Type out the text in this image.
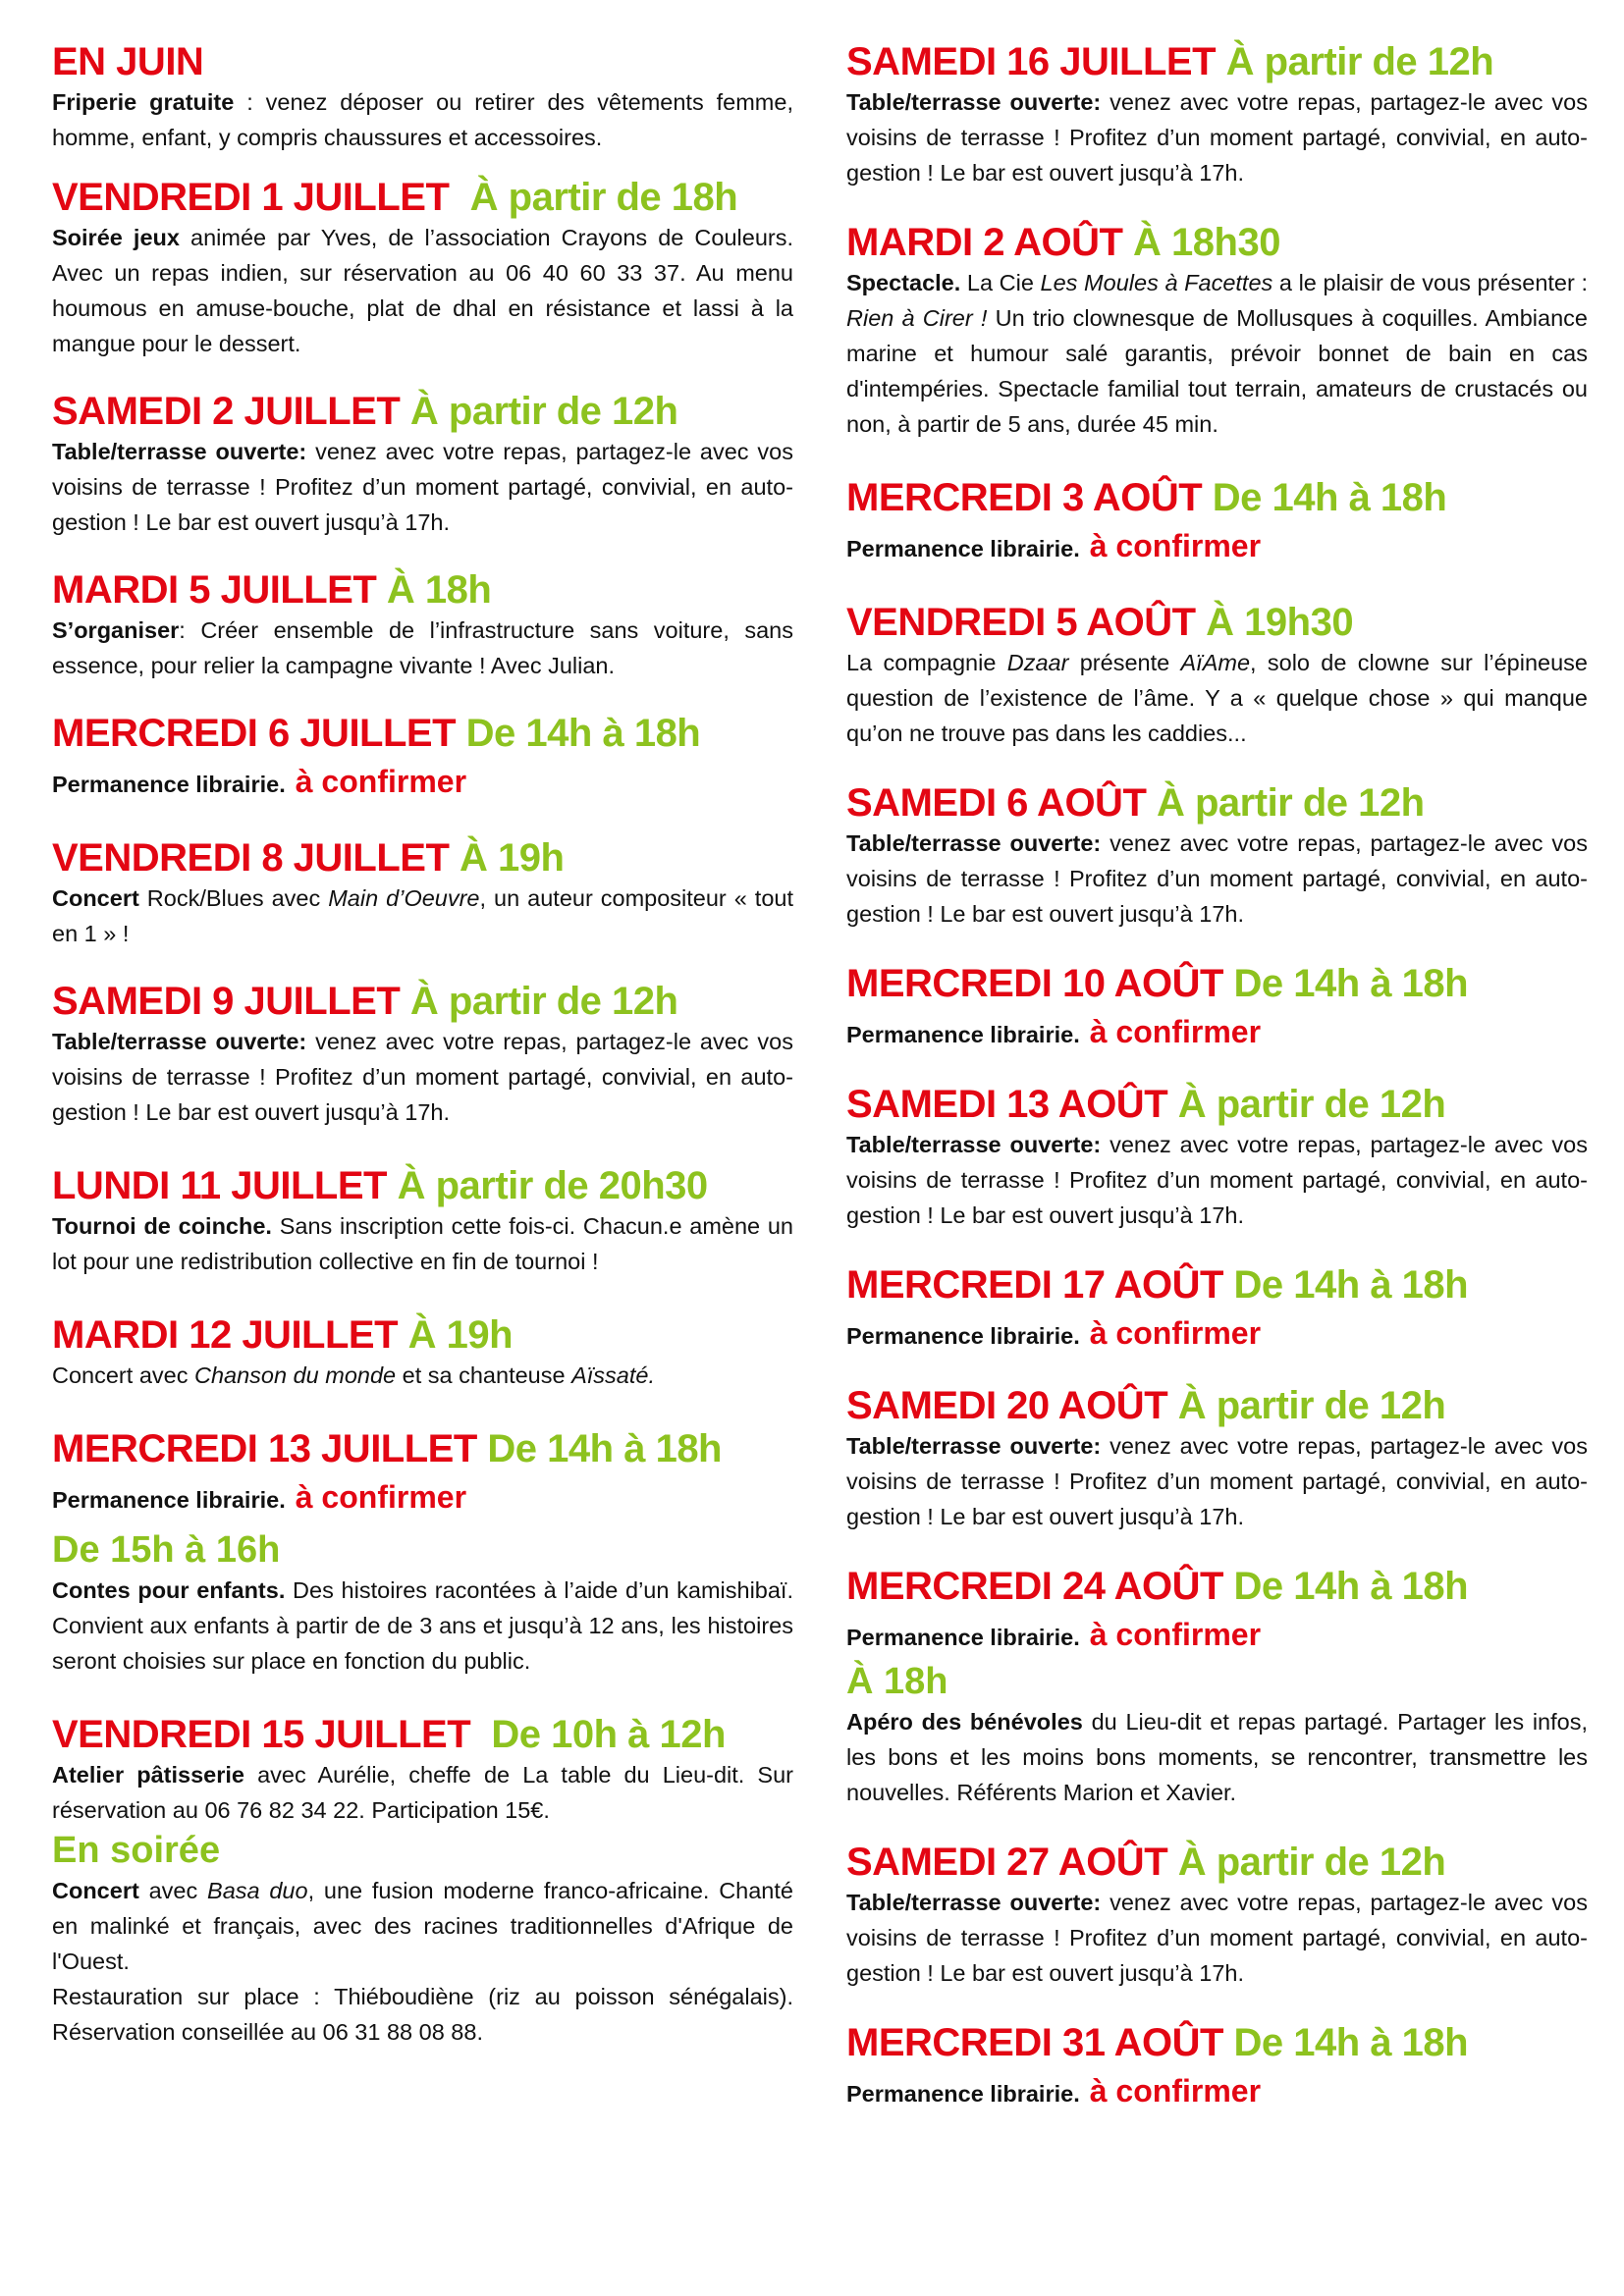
EN JUIN

Friperie gratuite : venez déposer ou retirer des vêtements femme, homme, enfant, y compris chaussures et accessoires.

VENDREDI 1 JUILLET À partir de 18h

Soirée jeux animée par Yves, de l’association Crayons de Couleurs. Avec un repas indien, sur réservation au 06 40 60 33 37. Au menu houmous en amuse-bouche, plat de dhal en résistance et lassi à la mangue pour le dessert.

SAMEDI 2 JUILLET À partir de 12h

Table/terrasse ouverte: venez avec votre repas, partagez-le avec vos voisins de terrasse ! Profitez d’un moment partagé, convivial, en auto-gestion ! Le bar est ouvert jusqu’à 17h.

MARDI 5 JUILLET À 18h

S’organiser: Créer ensemble de l’infrastructure sans voiture, sans essence, pour relier la campagne vivante ! Avec Julian.

MERCREDI 6 JUILLET De 14h à 18h

Permanence librairie. à confirmer

VENDREDI 8 JUILLET À 19h

Concert Rock/Blues avec Main d’Oeuvre, un auteur compositeur « tout en 1 » !

SAMEDI 9 JUILLET À partir de 12h

Table/terrasse ouverte: venez avec votre repas, partagez-le avec vos voisins de terrasse ! Profitez d’un moment partagé, convivial, en auto-gestion ! Le bar est ouvert jusqu’à 17h.

LUNDI 11 JUILLET À partir de 20h30

Tournoi de coinche. Sans inscription cette fois-ci. Chacun.e amène un lot pour une redistribution collective en fin de tournoi !

MARDI 12 JUILLET À 19h

Concert avec Chanson du monde et sa chanteuse Aïssaté.

MERCREDI 13 JUILLET De 14h à 18h

Permanence librairie. à confirmer

De 15h à 16h

Contes pour enfants. Des histoires racontées à l’aide d’un kamishibaï. Convient aux enfants à partir de de 3 ans et jusqu’à 12 ans, les histoires seront choisies sur place en fonction du public.

VENDREDI 15 JUILLET De 10h à 12h

Atelier pâtisserie avec Aurélie, cheffe de La table du Lieu-dit. Sur réservation au 06 76 82 34 22. Participation 15€.

En soirée

Concert avec Basa duo, une fusion moderne franco-africaine. Chanté en malinké et français, avec des racines traditionnelles d'Afrique de l'Ouest.

Restauration sur place : Thiéboudiène (riz au poisson sénégalais). Réservation conseillée au 06 31 88 08 88.

SAMEDI 16 JUILLET À partir de 12h

Table/terrasse ouverte: venez avec votre repas, partagez-le avec vos voisins de terrasse ! Profitez d’un moment partagé, convivial, en auto-gestion ! Le bar est ouvert jusqu’à 17h.

MARDI 2 AOÛT À 18h30

Spectacle. La Cie Les Moules à Facettes a le plaisir de vous présenter : Rien à Cirer ! Un trio clownesque de Mollusques à coquilles. Ambiance marine et humour salé garantis, prévoir bonnet de bain en cas d'intempéries. Spectacle familial tout terrain, amateurs de crustacés ou non, à partir de 5 ans, durée 45 min.

MERCREDI 3 AOÛT De 14h à 18h

Permanence librairie. à confirmer

VENDREDI 5 AOÛT À 19h30

La compagnie Dzaar présente AïAme, solo de clowne sur l’épineuse question de l’existence de l’âme. Y a « quelque chose » qui manque qu’on ne trouve pas dans les caddies...

SAMEDI 6 AOÛT À partir de 12h

Table/terrasse ouverte: venez avec votre repas, partagez-le avec vos voisins de terrasse ! Profitez d’un moment partagé, convivial, en auto-gestion ! Le bar est ouvert jusqu’à 17h.

MERCREDI 10 AOÛT De 14h à 18h

Permanence librairie. à confirmer

SAMEDI 13 AOÛT À partir de 12h

Table/terrasse ouverte: venez avec votre repas, partagez-le avec vos voisins de terrasse ! Profitez d’un moment partagé, convivial, en auto-gestion ! Le bar est ouvert jusqu’à 17h.

MERCREDI 17 AOÛT De 14h à 18h

Permanence librairie. à confirmer

SAMEDI 20 AOÛT À partir de 12h

Table/terrasse ouverte: venez avec votre repas, partagez-le avec vos voisins de terrasse ! Profitez d’un moment partagé, convivial, en auto-gestion ! Le bar est ouvert jusqu’à 17h.

MERCREDI 24 AOÛT De 14h à 18h

Permanence librairie. à confirmer

À 18h

Apéro des bénévoles du Lieu-dit et repas partagé. Partager les infos, les bons et les moins bons moments, se rencontrer, transmettre les nouvelles. Référents Marion et Xavier.

SAMEDI 27 AOÛT À partir de 12h

Table/terrasse ouverte: venez avec votre repas, partagez-le avec vos voisins de terrasse ! Profitez d’un moment partagé, convivial, en auto-gestion ! Le bar est ouvert jusqu’à 17h.

MERCREDI 31 AOÛT De 14h à 18h

Permanence librairie. à confirmer
